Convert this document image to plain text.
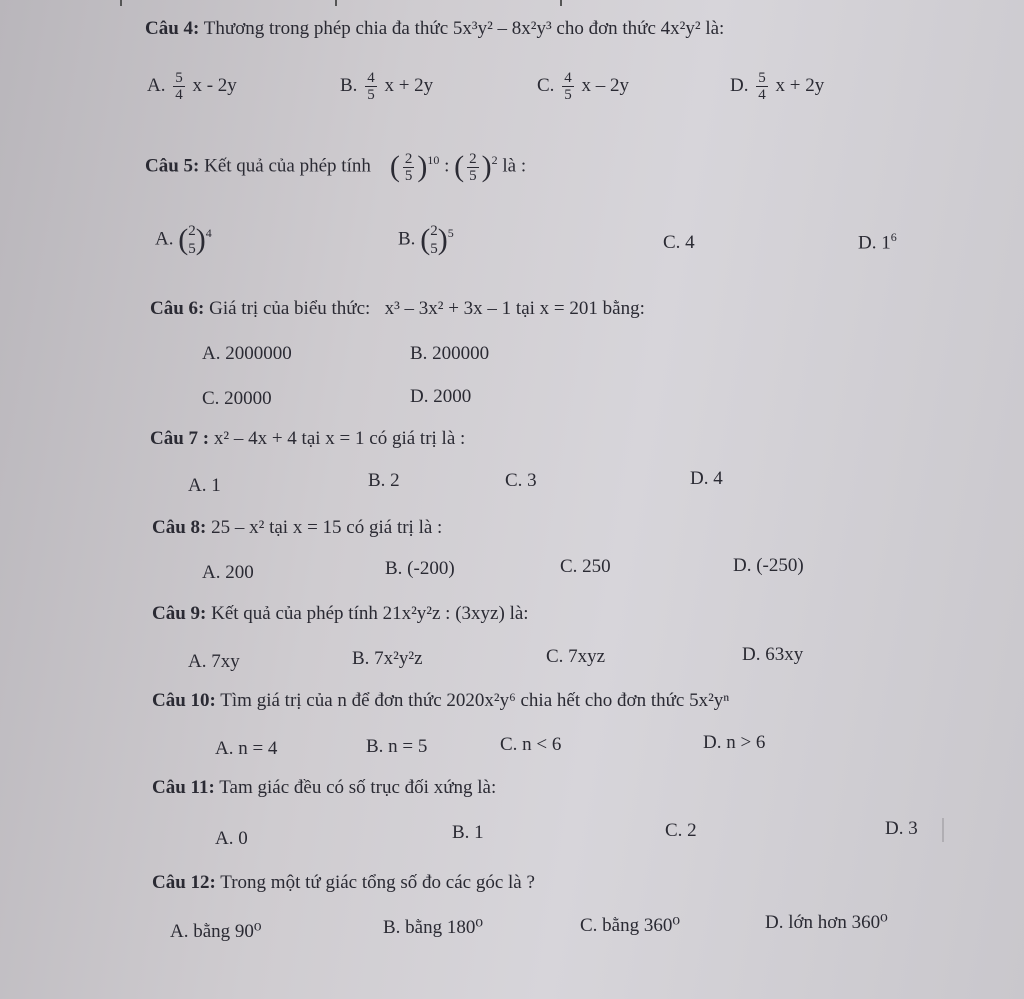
Câu 4: Thương trong phép chia đa thức 5x³y² – 8x²y³ cho đơn thức 4x²y² là:
A. $\frac{5}{4}$ x - 2y	B. $\frac{4}{5}$ x + 2y	C. $\frac{4}{5}$ x – 2y	D. $\frac{5}{4}$ x + 2y
Câu 5: Kết quả của phép tính ( $\frac{2}{5} )^{10}$ : ( $\frac{2}{5} )^2$ là :
A. ( 2
5 )$^4$	B. ( 2
5 )$^5$	C. 4	D. $1^6$
Câu 6: Giá trị của biểu thức: x³ – 3x² + 3x – 1 tại x = 201 bằng:
A. 2000000	B. 200000
C. 20000	D. 2000
Câu 7 : x² – 4x + 4 tại x = 1 có giá trị là :
A. 1	B. 2	C. 3	D. 4
Câu 8: 25 – x² tại x = 15 có giá trị là :
A. 200	B. (-200)	C. 250	D. (-250)
Câu 9: Kết quả của phép tính 21x²y²z : (3xyz) là:
A. 7xy	B. 7x²y²z	C. 7xyz	D. 63xy
Câu 10: Tìm giá trị của n để đơn thức 2020x²y⁶ chia hết cho đơn thức 5x²yⁿ
A. n = 4	B. n = 5	C. n < 6	D. n > 6
Câu 11: Tam giác đều có số trục đối xứng là:
A. 0	B. 1	C. 2	D. 3
Câu 12: Trong một tứ giác tổng số đo các góc là ?
A. bằng 90⁰	B. bằng 180⁰	C. bằng 360⁰	D. lớn hơn 360⁰
